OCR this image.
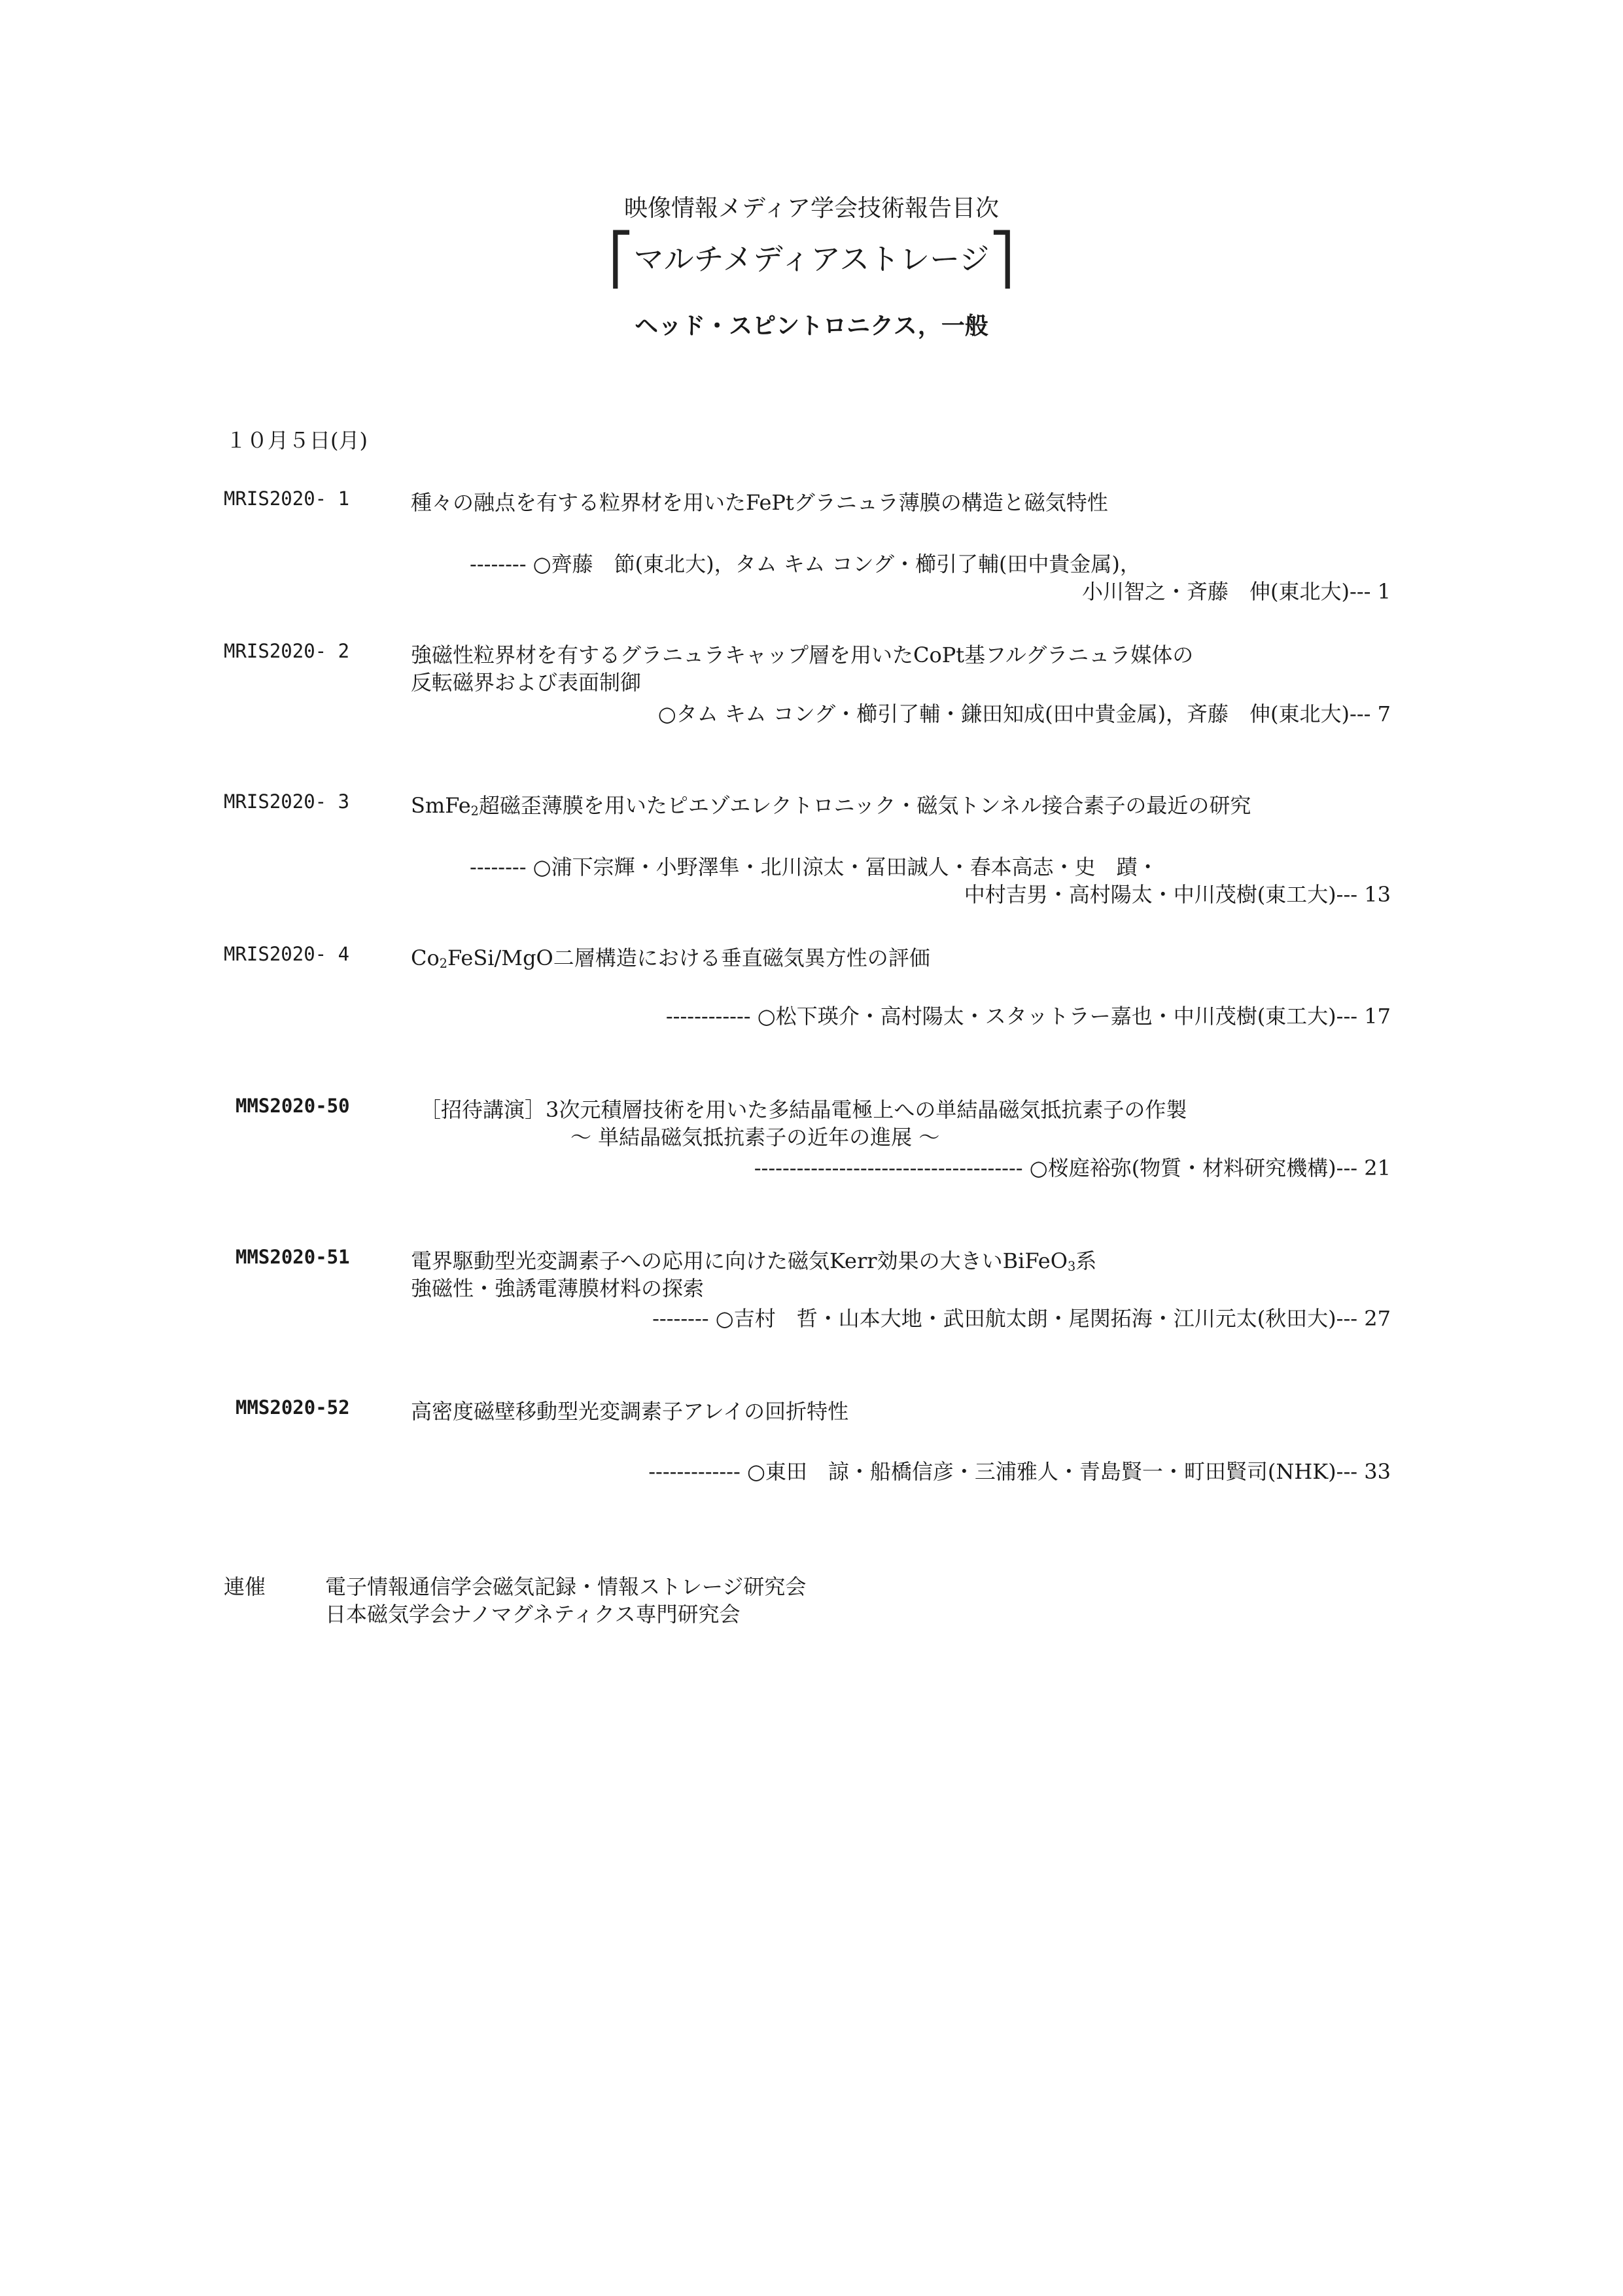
映像情報メディア学会技術報告目次
⎡マルチメディアストレージ⎤
ヘッド・スピントロニクス，一般
１０月５日(月)
MRIS2020- 1	種々の融点を有する粒界材を用いたFePtグラニュラ薄膜の構造と磁気特性
-------- ○齊藤　節(東北大)，タム キム コング・櫛引了輔(田中貴金属)，
小川智之・斉藤　伸(東北大)--- 1
MRIS2020- 2	強磁性粒界材を有するグラニュラキャップ層を用いたCoPt基フルグラニュラ媒体の
反転磁界および表面制御
○タム キム コング・櫛引了輔・鎌田知成(田中貴金属)，斉藤　伸(東北大)--- 7
MRIS2020- 3	SmFe$_2$超磁歪薄膜を用いたピエゾエレクトロニック・磁気トンネル接合素子の最近の研究
-------- ○浦下宗輝・小野澤隼・北川涼太・冨田誠人・春本高志・史　蹟・
中村吉男・高村陽太・中川茂樹(東工大)--- 13
MRIS2020- 4	$Co_2FeSi$/MgO二層構造における垂直磁気異方性の評価
------------ ○松下瑛介・高村陽太・スタットラー嘉也・中川茂樹(東工大)--- 17
MMS2020-50	［招待講演］3次元積層技術を用いた多結晶電極上への単結晶磁気抵抗素子の作製
～ 単結晶磁気抵抗素子の近年の進展 ～
-------------------------------------- ○桜庭裕弥(物質・材料研究機構)--- 21
MMS2020-51	電界駆動型光変調素子への応用に向けた磁気Kerr効果の大きいBiFeO$_3$系
強磁性・強誘電薄膜材料の探索
-------- ○吉村　哲・山本大地・武田航太朗・尾関拓海・江川元太(秋田大)--- 27
MMS2020-52	高密度磁壁移動型光変調素子アレイの回折特性
------------- ○東田　諒・船橋信彦・三浦雅人・青島賢一・町田賢司(NHK)--- 33
連催	電子情報通信学会磁気記録・情報ストレージ研究会
日本磁気学会ナノマグネティクス専門研究会
